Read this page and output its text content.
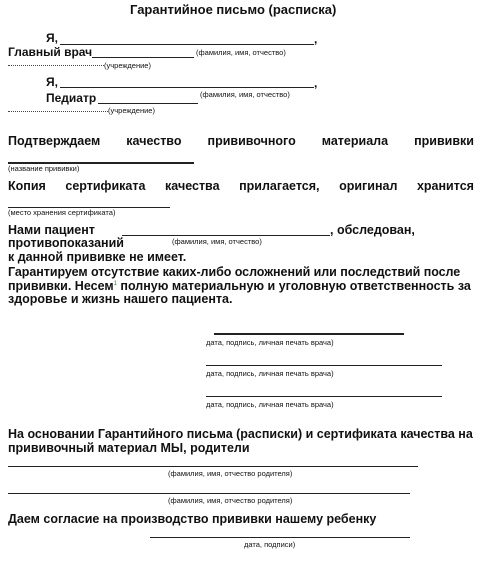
Гарантийное письмо (расписка)
Я,	,
Главный врач	(фамилия, имя, отчество)
(учреждение)
Я,	,
Педиатр	(фамилия, имя, отчество)
(учреждение)
Подтверждаем качество прививочного материала прививки
(название прививки)
Копия сертификата качества прилагается, оригинал хранится
(место хранения сертификата)
Нами пациент	, обследован,
противопоказаний	(фамилия, имя, отчество)
к данной прививке не имеет.
Гарантируем отсутствие каких-либо осложнений или последствий после
прививки. Несем$^1$ полную материальную и уголовную ответственность за
здоровье и жизнь нашего пациента.
дата, подпись, личная печать врача)
дата, подпись, личная печать врача)
дата, подпись, личная печать врача)
На основании Гарантийного письма (расписки) и сертификата качества на
прививочный материал МЫ, родители
(фамилия, имя, отчество родителя)
(фамилия, имя, отчество родителя)
Даем согласие на производство прививки нашему ребенку
дата, подписи)
